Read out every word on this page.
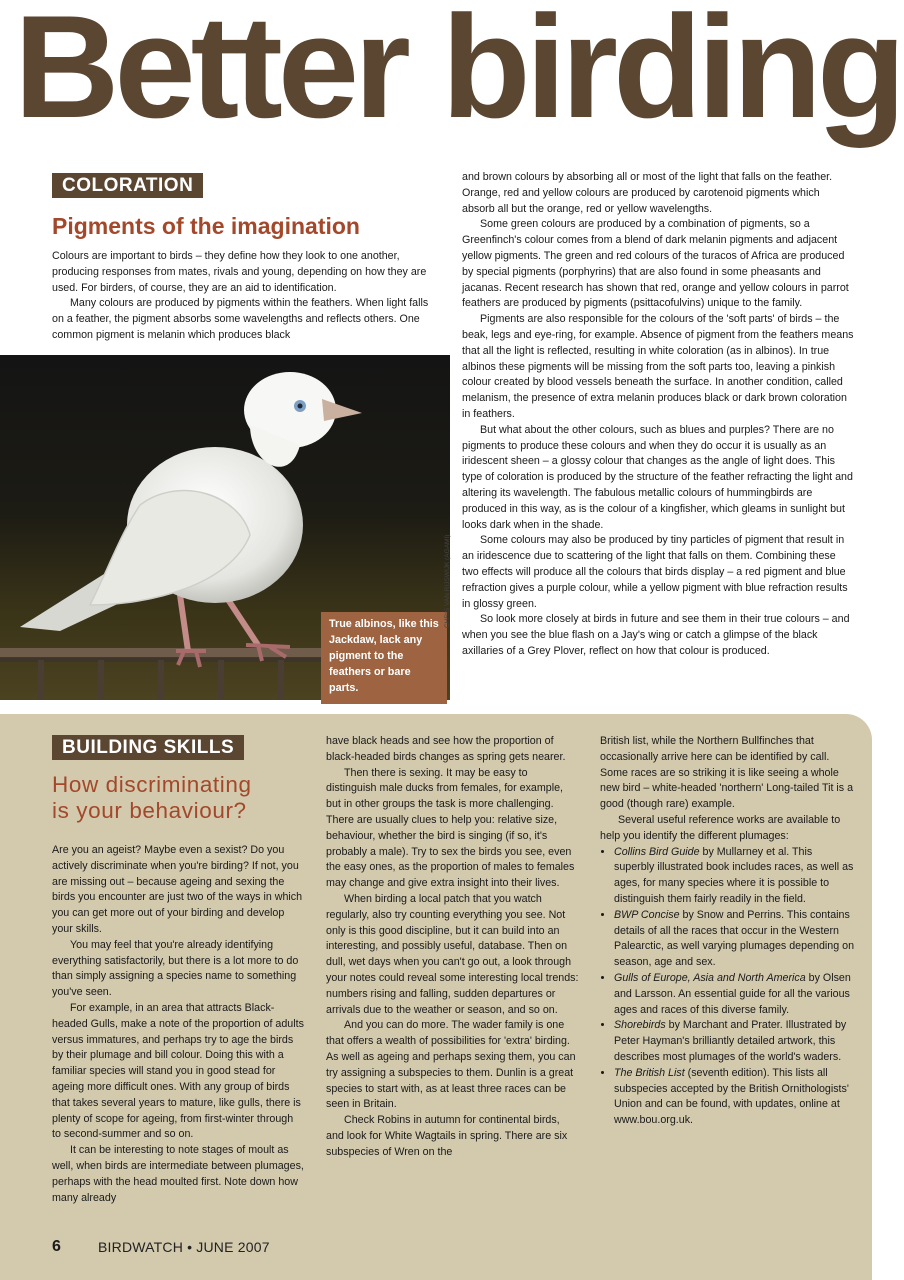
Better birding
COLORATION
Pigments of the imagination

Colours are important to birds – they define how they look to one another, producing responses from mates, rivals and young, depending on how they are used. For birders, of course, they are an aid to identification.

Many colours are produced by pigments within the feathers. When light falls on a feather, the pigment absorbs some wavelengths and reflects others. One common pigment is melanin which produces black

and brown colours by absorbing all or most of the light that falls on the feather. Orange, red and yellow colours are produced by carotenoid pigments which absorb all but the orange, red or yellow wavelengths.

Some green colours are produced by a combination of pigments, so a Greenfinch's colour comes from a blend of dark melanin pigments and adjacent yellow pigments. The green and red colours of the turacos of Africa are produced by special pigments (porphyrins) that are also found in some pheasants and jacanas. Recent research has shown that red, orange and yellow colours in parrot feathers are produced by pigments (psittacofulvins) unique to the family.

Pigments are also responsible for the colours of the 'soft parts' of birds – the beak, legs and eye-ring, for example. Absence of pigment from the feathers means that all the light is reflected, resulting in white coloration (as in albinos). In true albinos these pigments will be missing from the soft parts too, leaving a pinkish colour created by blood vessels beneath the surface. In another condition, called melanism, the presence of extra melanin produces black or dark brown coloration in feathers.

But what about the other colours, such as blues and purples? There are no pigments to produce these colours and when they do occur it is usually as an iridescent sheen – a glossy colour that changes as the angle of light does. This type of coloration is produced by the structure of the feather refracting the light and altering its wavelength. The fabulous metallic colours of hummingbirds are produced in this way, as is the colour of a kingfisher, which gleams in sunlight but looks dark when in the shade.

Some colours may also be produced by tiny particles of pigment that result in an iridescence due to scattering of the light that falls on them. Combining these two effects will produce all the colours that birds display – a red pigment and blue refraction gives a purple colour, while a yellow pigment with blue refraction results in glossy green.

So look more closely at birds in future and see them in their true colours – and when you see the blue flash on a Jay's wing or catch a glimpse of the black axillaries of a Grey Plover, reflect on how that colour is produced.

True albinos, like this Jackdaw, lack any pigment to the feathers or bare parts.
CHRIS VAN RIJSWIJK (AGAMI)
BUILDING SKILLS
How discriminating
is your behaviour?

Are you an ageist? Maybe even a sexist? Do you actively discriminate when you're birding? If not, you are missing out – because ageing and sexing the birds you encounter are just two of the ways in which you can get more out of your birding and develop your skills.

You may feel that you're already identifying everything satisfactorily, but there is a lot more to do than simply assigning a species name to something you've seen.

For example, in an area that attracts Black-headed Gulls, make a note of the proportion of adults versus immatures, and perhaps try to age the birds by their plumage and bill colour. Doing this with a familiar species will stand you in good stead for ageing more difficult ones. With any group of birds that takes several years to mature, like gulls, there is plenty of scope for ageing, from first-winter through to second-summer and so on.

It can be interesting to note stages of moult as well, when birds are intermediate between plumages, perhaps with the head moulted first. Note down how many already

have black heads and see how the proportion of black-headed birds changes as spring gets nearer.

Then there is sexing. It may be easy to distinguish male ducks from females, for example, but in other groups the task is more challenging. There are usually clues to help you: relative size, behaviour, whether the bird is singing (if so, it's probably a male). Try to sex the birds you see, even the easy ones, as the proportion of males to females may change and give extra insight into their lives.

When birding a local patch that you watch regularly, also try counting everything you see. Not only is this good discipline, but it can build into an interesting, and possibly useful, database. Then on dull, wet days when you can't go out, a look through your notes could reveal some interesting local trends: numbers rising and falling, sudden departures or arrivals due to the weather or season, and so on.

And you can do more. The wader family is one that offers a wealth of possibilities for 'extra' birding. As well as ageing and perhaps sexing them, you can try assigning a subspecies to them. Dunlin is a great species to start with, as at least three races can be seen in Britain.

Check Robins in autumn for continental birds, and look for White Wagtails in spring. There are six subspecies of Wren on the

British list, while the Northern Bullfinches that occasionally arrive here can be identified by call. Some races are so striking it is like seeing a whole new bird – white-headed 'northern' Long-tailed Tit is a good (though rare) example.

Several useful reference works are available to help you identify the different plumages:

• Collins Bird Guide by Mullarney et al. This superbly illustrated book includes races, as well as ages, for many species where it is possible to distinguish them fairly readily in the field.
• BWP Concise by Snow and Perrins. This contains details of all the races that occur in the Western Palearctic, as well varying plumages depending on season, age and sex.
• Gulls of Europe, Asia and North America by Olsen and Larsson. An essential guide for all the various ages and races of this diverse family.
• Shorebirds by Marchant and Prater. Illustrated by Peter Hayman's brilliantly detailed artwork, this describes most plumages of the world's waders.
• The British List (seventh edition). This lists all subspecies accepted by the British Ornithologists' Union and can be found, with updates, online at www.bou.org.uk.
6	BIRDWATCH • JUNE 2007
